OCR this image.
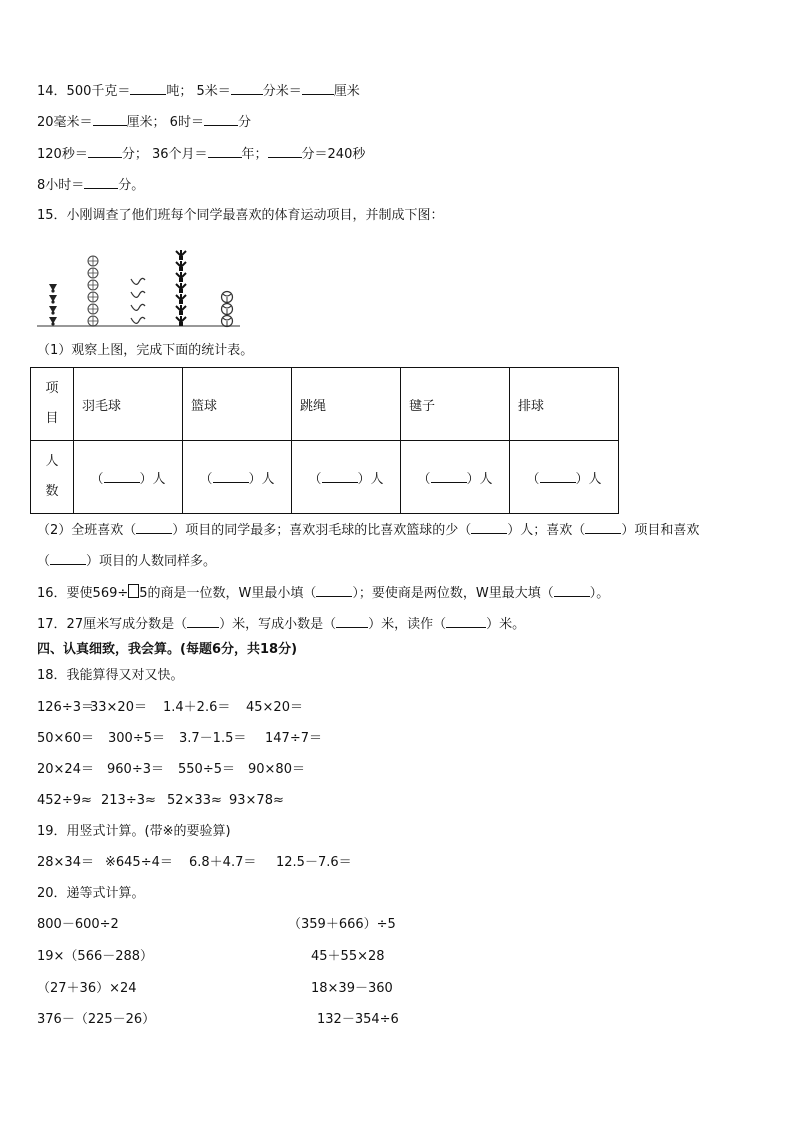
14．500千克＝	吨； 5米＝ 分米＝ 厘米
20毫米＝	厘米； 6时＝	分
120秒＝	分； 36个月＝	年；	分＝240秒
8小时＝	分。
15．小刚调查了他们班每个同学最喜欢的体育运动项目，并制成下图：
（1）观察上图，完成下面的统计表。
项
目	羽毛球	篮球	跳绳	毽子	排球
人
数	（ ）人	（ ）人	（ ）人	（ ）人	（ ）人
（2）全班喜欢（	）项目的同学最多；喜欢羽毛球的比喜欢篮球的少（	）人；喜欢（	）项目和喜欢
（	）项目的人数同样多。
16．要使569÷ 5的商是一位数，W里最小填（	）；要使商是两位数，W里最大填（	）。
17．27厘米写成分数是（ ）米，写成小数是（ ）米，读作（	）米。
四、认真细致，我会算。(每题6分，共18分)
18．我能算得又对又快。
126÷3＝33×20＝ 1.4＋2.6＝ 45×20＝
50×60＝ 300÷5＝ 3.7－1.5＝ 147÷7＝
20×24＝ 960÷3＝ 550÷5＝ 90×80＝
452÷9≈ 213÷3≈ 52×33≈ 93×78≈
19．用竖式计算。(带※的要验算)
28×34＝ ※645÷4＝ 6.8＋4.7＝ 12.5－7.6＝
20．递等式计算。
800－600÷2
19×（566－288）
（27＋36）×24
376－（225－26）
（359＋666）÷5
45＋55×28
18×39－360
132－354÷6
